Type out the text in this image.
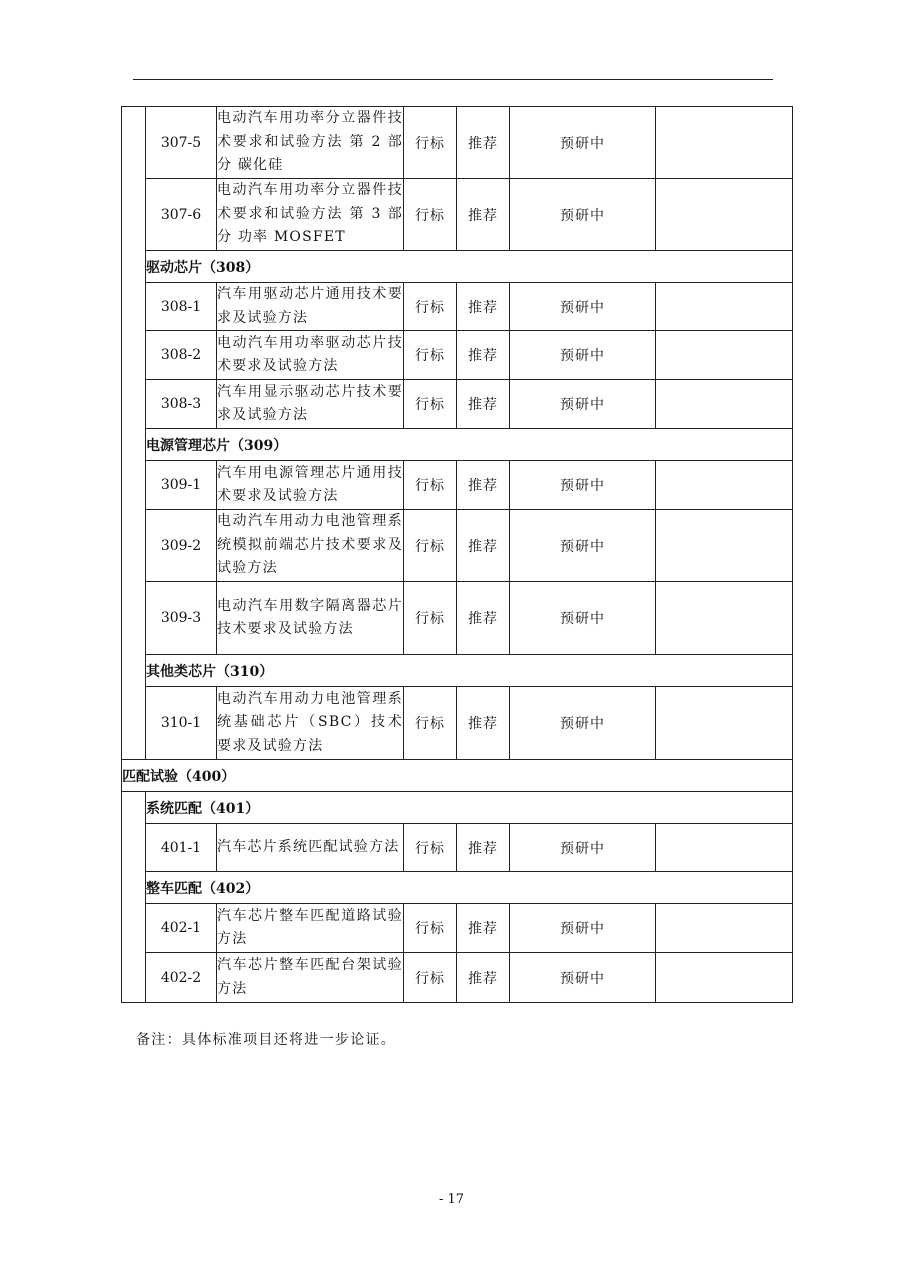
	307-5	电动汽车用功率分立器件技术要求和试验方法 第 2 部分 碳化硅	行标	推荐	预研中	
	307-6	电动汽车用功率分立器件技术要求和试验方法 第 3 部分 功率 MOSFET	行标	推荐	预研中	
	驱动芯片（308）					
	308-1	汽车用驱动芯片通用技术要求及试验方法	行标	推荐	预研中	
	308-2	电动汽车用功率驱动芯片技术要求及试验方法	行标	推荐	预研中	
	308-3	汽车用显示驱动芯片技术要求及试验方法	行标	推荐	预研中	
	电源管理芯片（309）					
	309-1	汽车用电源管理芯片通用技术要求及试验方法	行标	推荐	预研中	
	309-2	电动汽车用动力电池管理系统模拟前端芯片技术要求及试验方法	行标	推荐	预研中	
	309-3	电动汽车用数字隔离器芯片技术要求及试验方法	行标	推荐	预研中	
	其他类芯片（310）					
	310-1	电动汽车用动力电池管理系统基础芯片（SBC）技术要求及试验方法	行标	推荐	预研中	
匹配试验（400）						
	系统匹配（401）					
	401-1	汽车芯片系统匹配试验方法	行标	推荐	预研中	
	整车匹配（402）					
	402-1	汽车芯片整车匹配道路试验方法	行标	推荐	预研中	
	402-2	汽车芯片整车匹配台架试验方法	行标	推荐	预研中	
备注：具体标准项目还将进一步论证。
- 17
